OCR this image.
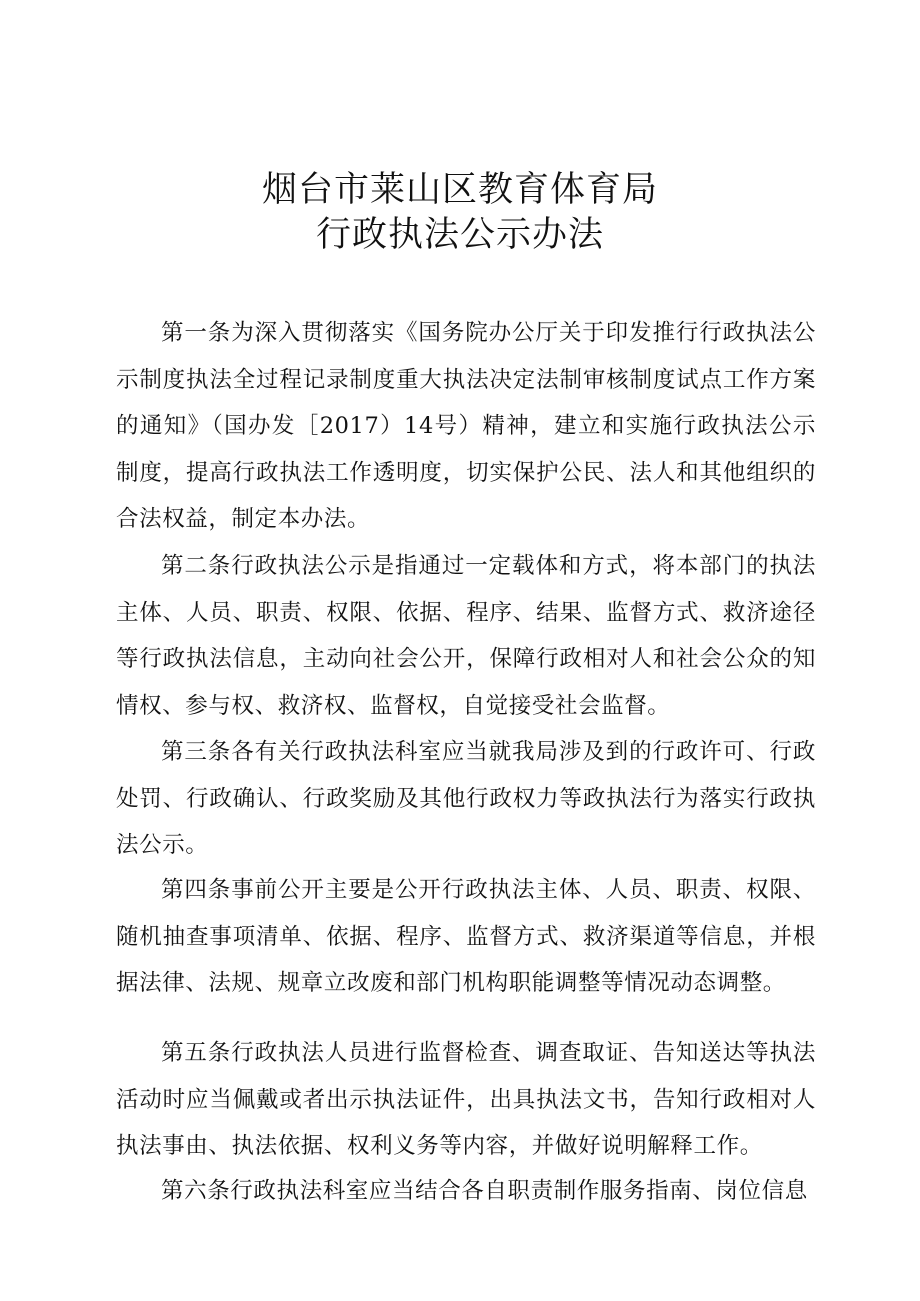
烟台市莱山区教育体育局
行政执法公示办法

第一条为深入贯彻落实《国务院办公厅关于印发推行行政执法公示制度执法全过程记录制度重大执法决定法制审核制度试点工作方案的通知》（国办发［2017）14号）精神，建立和实施行政执法公示制度，提高行政执法工作透明度，切实保护公民、法人和其他组织的合法权益，制定本办法。

第二条行政执法公示是指通过一定载体和方式，将本部门的执法主体、人员、职责、权限、依据、程序、结果、监督方式、救济途径等行政执法信息，主动向社会公开，保障行政相对人和社会公众的知情权、参与权、救济权、监督权，自觉接受社会监督。

第三条各有关行政执法科室应当就我局涉及到的行政许可、行政处罚、行政确认、行政奖励及其他行政权力等政执法行为落实行政执法公示。

第四条事前公开主要是公开行政执法主体、人员、职责、权限、随机抽查事项清单、依据、程序、监督方式、救济渠道等信息，并根据法律、法规、规章立改废和部门机构职能调整等情况动态调整。

第五条行政执法人员进行监督检查、调查取证、告知送达等执法活动时应当佩戴或者出示执法证件，出具执法文书，告知行政相对人执法事由、执法依据、权利义务等内容，并做好说明解释工作。

第六条行政执法科室应当结合各自职责制作服务指南、岗位信息
